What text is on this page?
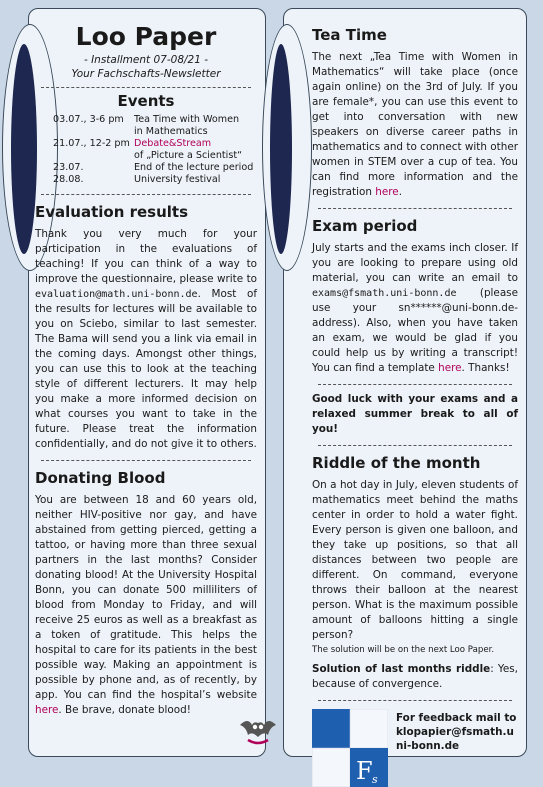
Loo Paper
- Installment 07-08/21 -
Your Fachschafts-Newsletter
Events
03.07., 3-6 pm	Tea Time with Women
in Mathematics
21.07., 12-2 pm	Debate&Stream
of „Picture a Scientist“
23.07.	End of the lecture period
28.08.	University festival
Evaluation results

Thank you very much for your participation in the evaluations of teaching! If you can think of a way to improve the questionnaire, please write to evaluation@math.uni-bonn.de. Most of the results for lectures will be available to you on Sciebo, similar to last semester. The Bama will send you a link via email in the coming days. Amongst other things, you can use this to look at the teaching style of different lecturers. It may help you make a more informed decision on what courses you want to take in the future. Please treat the information confidentially, and do not give it to others.

Donating Blood

You are between 18 and 60 years old, neither HIV-positive nor gay, and have abstained from getting pierced, getting a tattoo, or having more than three sexual partners in the last months? Consider donating blood! At the University Hospital Bonn, you can donate 500 milliliters of blood from Monday to Friday, and will receive 25 euros as well as a breakfast as a token of gratitude. This helps the hospital to care for its patients in the best possible way. Making an appointment is possible by phone and, as of recently, by app. You can find the hospital’s website here. Be brave, donate blood!

Tea Time

The next „Tea Time with Women in Mathematics“ will take place (once again online) on the 3rd of July. If you are female*, you can use this event to get into conversation with new speakers on diverse career paths in mathematics and to connect with other women in STEM over a cup of tea. You can find more information and the registration here.

Exam period

July starts and the exams inch closer. If you are looking to prepare using old material, you can write an email to exams@fsmath.uni-bonn.de (please use your sn******@uni-bonn.de-address). Also, when you have taken an exam, we would be glad if you could help us by writing a transcript! You can find a template here. Thanks!

Good luck with your exams and a relaxed summer break to all of you!

Riddle of the month

On a hot day in July, eleven students of mathematics meet behind the maths center in order to hold a water fight. Every person is given one balloon, and they take up positions, so that all distances between two people are different. On command, everyone throws their balloon at the nearest person. What is the maximum possible amount of balloons hitting a single person?

The solution will be on the next Loo Paper.

Solution of last months riddle: Yes, because of convergence.

F s

For feedback mail to klopapier@fsmath.uni-bonn.de
